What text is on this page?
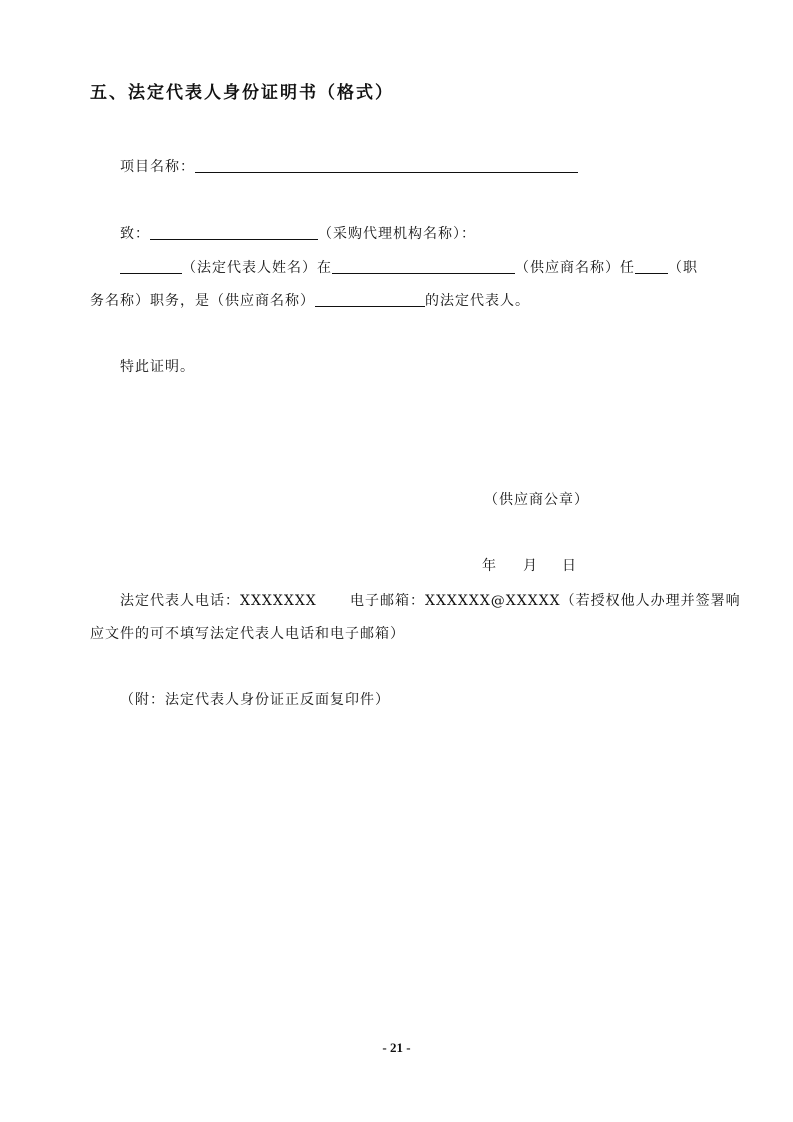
五、法定代表人身份证明书（格式）
项目名称：
致：	（采购代理机构名称）：
（法定代表人姓名）在	（供应商名称）任 （职
务名称）职务，是（供应商名称）	的法定代表人。
特此证明。
（供应商公章）
年 月 日
法定代表人电话：XXXXXXX 电子邮箱：XXXXXX@XXXXX（若授权他人办理并签署响
应文件的可不填写法定代表人电话和电子邮箱）
（附：法定代表人身份证正反面复印件）
- 21 -
